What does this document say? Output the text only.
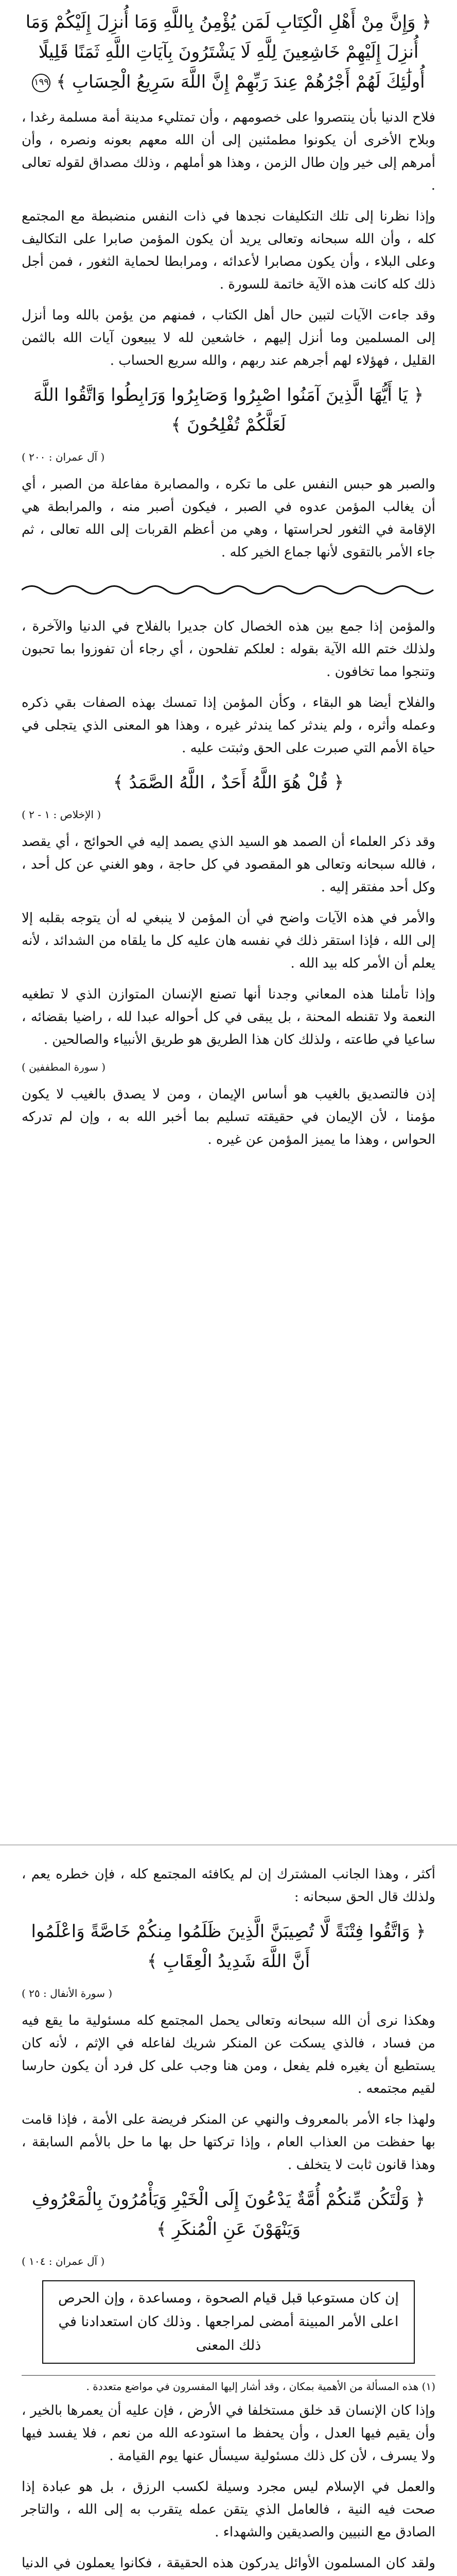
﴿ وَإِنَّ مِنْ أَهْلِ الْكِتَابِ لَمَن يُؤْمِنُ بِاللَّهِ وَمَا أُنزِلَ إِلَيْكُمْ وَمَا أُنزِلَ إِلَيْهِمْ خَاشِعِينَ لِلَّهِ لَا يَشْتَرُونَ بِآيَاتِ اللَّهِ ثَمَنًا قَلِيلًا أُولَٰئِكَ لَهُمْ أَجْرُهُمْ عِندَ رَبِّهِمْ إِنَّ اللَّهَ سَرِيعُ الْحِسَابِ ﴾ ١٩٩

فلاح الدنيا بأن ينتصروا على خصومهم ، وأن تمتليء مدينة أمة مسلمة رغدا ، وبلاح الأخرى أن يكونوا مطمئنين إلى أن الله معهم بعونه ونصره ، وأن أمرهم إلى خير وإن طال الزمن ، وهذا هو أملهم ، وذلك مصداق لقوله تعالى .

وإذا نظرنا إلى تلك التكليفات نجدها في ذات النفس منضبطة مع المجتمع كله ، وأن الله سبحانه وتعالى يريد أن يكون المؤمن صابرا على التكاليف وعلى البلاء ، وأن يكون مصابرا لأعدائه ، ومرابطا لحماية الثغور ، فمن أجل ذلك كله كانت هذه الآية خاتمة للسورة .

وقد جاءت الآيات لتبين حال أهل الكتاب ، فمنهم من يؤمن بالله وما أنزل إلى المسلمين وما أنزل إليهم ، خاشعين لله لا يبيعون آيات الله بالثمن القليل ، فهؤلاء لهم أجرهم عند ربهم ، والله سريع الحساب .

﴿ يَا أَيُّهَا الَّذِينَ آمَنُوا اصْبِرُوا وَصَابِرُوا وَرَابِطُوا وَاتَّقُوا اللَّهَ لَعَلَّكُمْ تُفْلِحُونَ ﴾
( آل عمران : ٢٠٠ )

والصبر هو حبس النفس على ما تكره ، والمصابرة مفاعلة من الصبر ، أي أن يغالب المؤمن عدوه في الصبر ، فيكون أصبر منه ، والمرابطة هي الإقامة في الثغور لحراستها ، وهي من أعظم القربات إلى الله تعالى ، ثم جاء الأمر بالتقوى لأنها جماع الخير كله .

والمؤمن إذا جمع بين هذه الخصال كان جديرا بالفلاح في الدنيا والآخرة ، ولذلك ختم الله الآية بقوله : لعلكم تفلحون ، أي رجاء أن تفوزوا بما تحبون وتنجوا مما تخافون .

والفلاح أيضا هو البقاء ، وكأن المؤمن إذا تمسك بهذه الصفات بقي ذكره وعمله وأثره ، ولم يندثر كما يندثر غيره ، وهذا هو المعنى الذي يتجلى في حياة الأمم التي صبرت على الحق وثبتت عليه .

﴿ قُلْ هُوَ اللَّهُ أَحَدٌ ، اللَّهُ الصَّمَدُ ﴾
( الإخلاص : ١ - ٢ )

وقد ذكر العلماء أن الصمد هو السيد الذي يصمد إليه في الحوائج ، أي يقصد ، فالله سبحانه وتعالى هو المقصود في كل حاجة ، وهو الغني عن كل أحد ، وكل أحد مفتقر إليه .

والأمر في هذه الآيات واضح في أن المؤمن لا ينبغي له أن يتوجه بقلبه إلا إلى الله ، فإذا استقر ذلك في نفسه هان عليه كل ما يلقاه من الشدائد ، لأنه يعلم أن الأمر كله بيد الله .

وإذا تأملنا هذه المعاني وجدنا أنها تصنع الإنسان المتوازن الذي لا تطغيه النعمة ولا تقنطه المحنة ، بل يبقى في كل أحواله عبدا لله ، راضيا بقضائه ، ساعيا في طاعته ، ولذلك كان هذا الطريق هو طريق الأنبياء والصالحين .

( سورة المطففين )

إذن فالتصديق بالغيب هو أساس الإيمان ، ومن لا يصدق بالغيب لا يكون مؤمنا ، لأن الإيمان في حقيقته تسليم بما أخبر الله به ، وإن لم تدركه الحواس ، وهذا ما يميز المؤمن عن غيره .

أكثر ، وهذا الجانب المشترك إن لم يكافئه المجتمع كله ، فإن خطره يعم ، ولذلك قال الحق سبحانه :

﴿ وَاتَّقُوا فِتْنَةً لَّا تُصِيبَنَّ الَّذِينَ ظَلَمُوا مِنكُمْ خَاصَّةً وَاعْلَمُوا أَنَّ اللَّهَ شَدِيدُ الْعِقَابِ ﴾
( سورة الأنفال : ٢٥ )

وهكذا نرى أن الله سبحانه وتعالى يحمل المجتمع كله مسئولية ما يقع فيه من فساد ، فالذي يسكت عن المنكر شريك لفاعله في الإثم ، لأنه كان يستطيع أن يغيره فلم يفعل ، ومن هنا وجب على كل فرد أن يكون حارسا لقيم مجتمعه .

ولهذا جاء الأمر بالمعروف والنهي عن المنكر فريضة على الأمة ، فإذا قامت بها حفظت من العذاب العام ، وإذا تركتها حل بها ما حل بالأمم السابقة ، وهذا قانون ثابت لا يتخلف .

﴿ وَلْتَكُن مِّنكُمْ أُمَّةٌ يَدْعُونَ إِلَى الْخَيْرِ وَيَأْمُرُونَ بِالْمَعْرُوفِ وَيَنْهَوْنَ عَنِ الْمُنكَرِ ﴾
( آل عمران : ١٠٤ )
إن كان مستوعبا قبل قيام الصحوة ، ومساعدة ، وإن الحرص اعلى الأمر المبينة أمضى لمراجعها . وذلك كان استعدادنا في ذلك المعنى
(١) هذه المسألة من الأهمية بمكان ، وقد أشار إليها المفسرون في مواضع متعددة .

وإذا كان الإنسان قد خلق مستخلفا في الأرض ، فإن عليه أن يعمرها بالخير ، وأن يقيم فيها العدل ، وأن يحفظ ما استودعه الله من نعم ، فلا يفسد فيها ولا يسرف ، لأن كل ذلك مسئولية سيسأل عنها يوم القيامة .

والعمل في الإسلام ليس مجرد وسيلة لكسب الرزق ، بل هو عبادة إذا صحت فيه النية ، فالعامل الذي يتقن عمله يتقرب به إلى الله ، والتاجر الصادق مع النبيين والصديقين والشهداء .

ولقد كان المسلمون الأوائل يدركون هذه الحقيقة ، فكانوا يعملون في الدنيا
